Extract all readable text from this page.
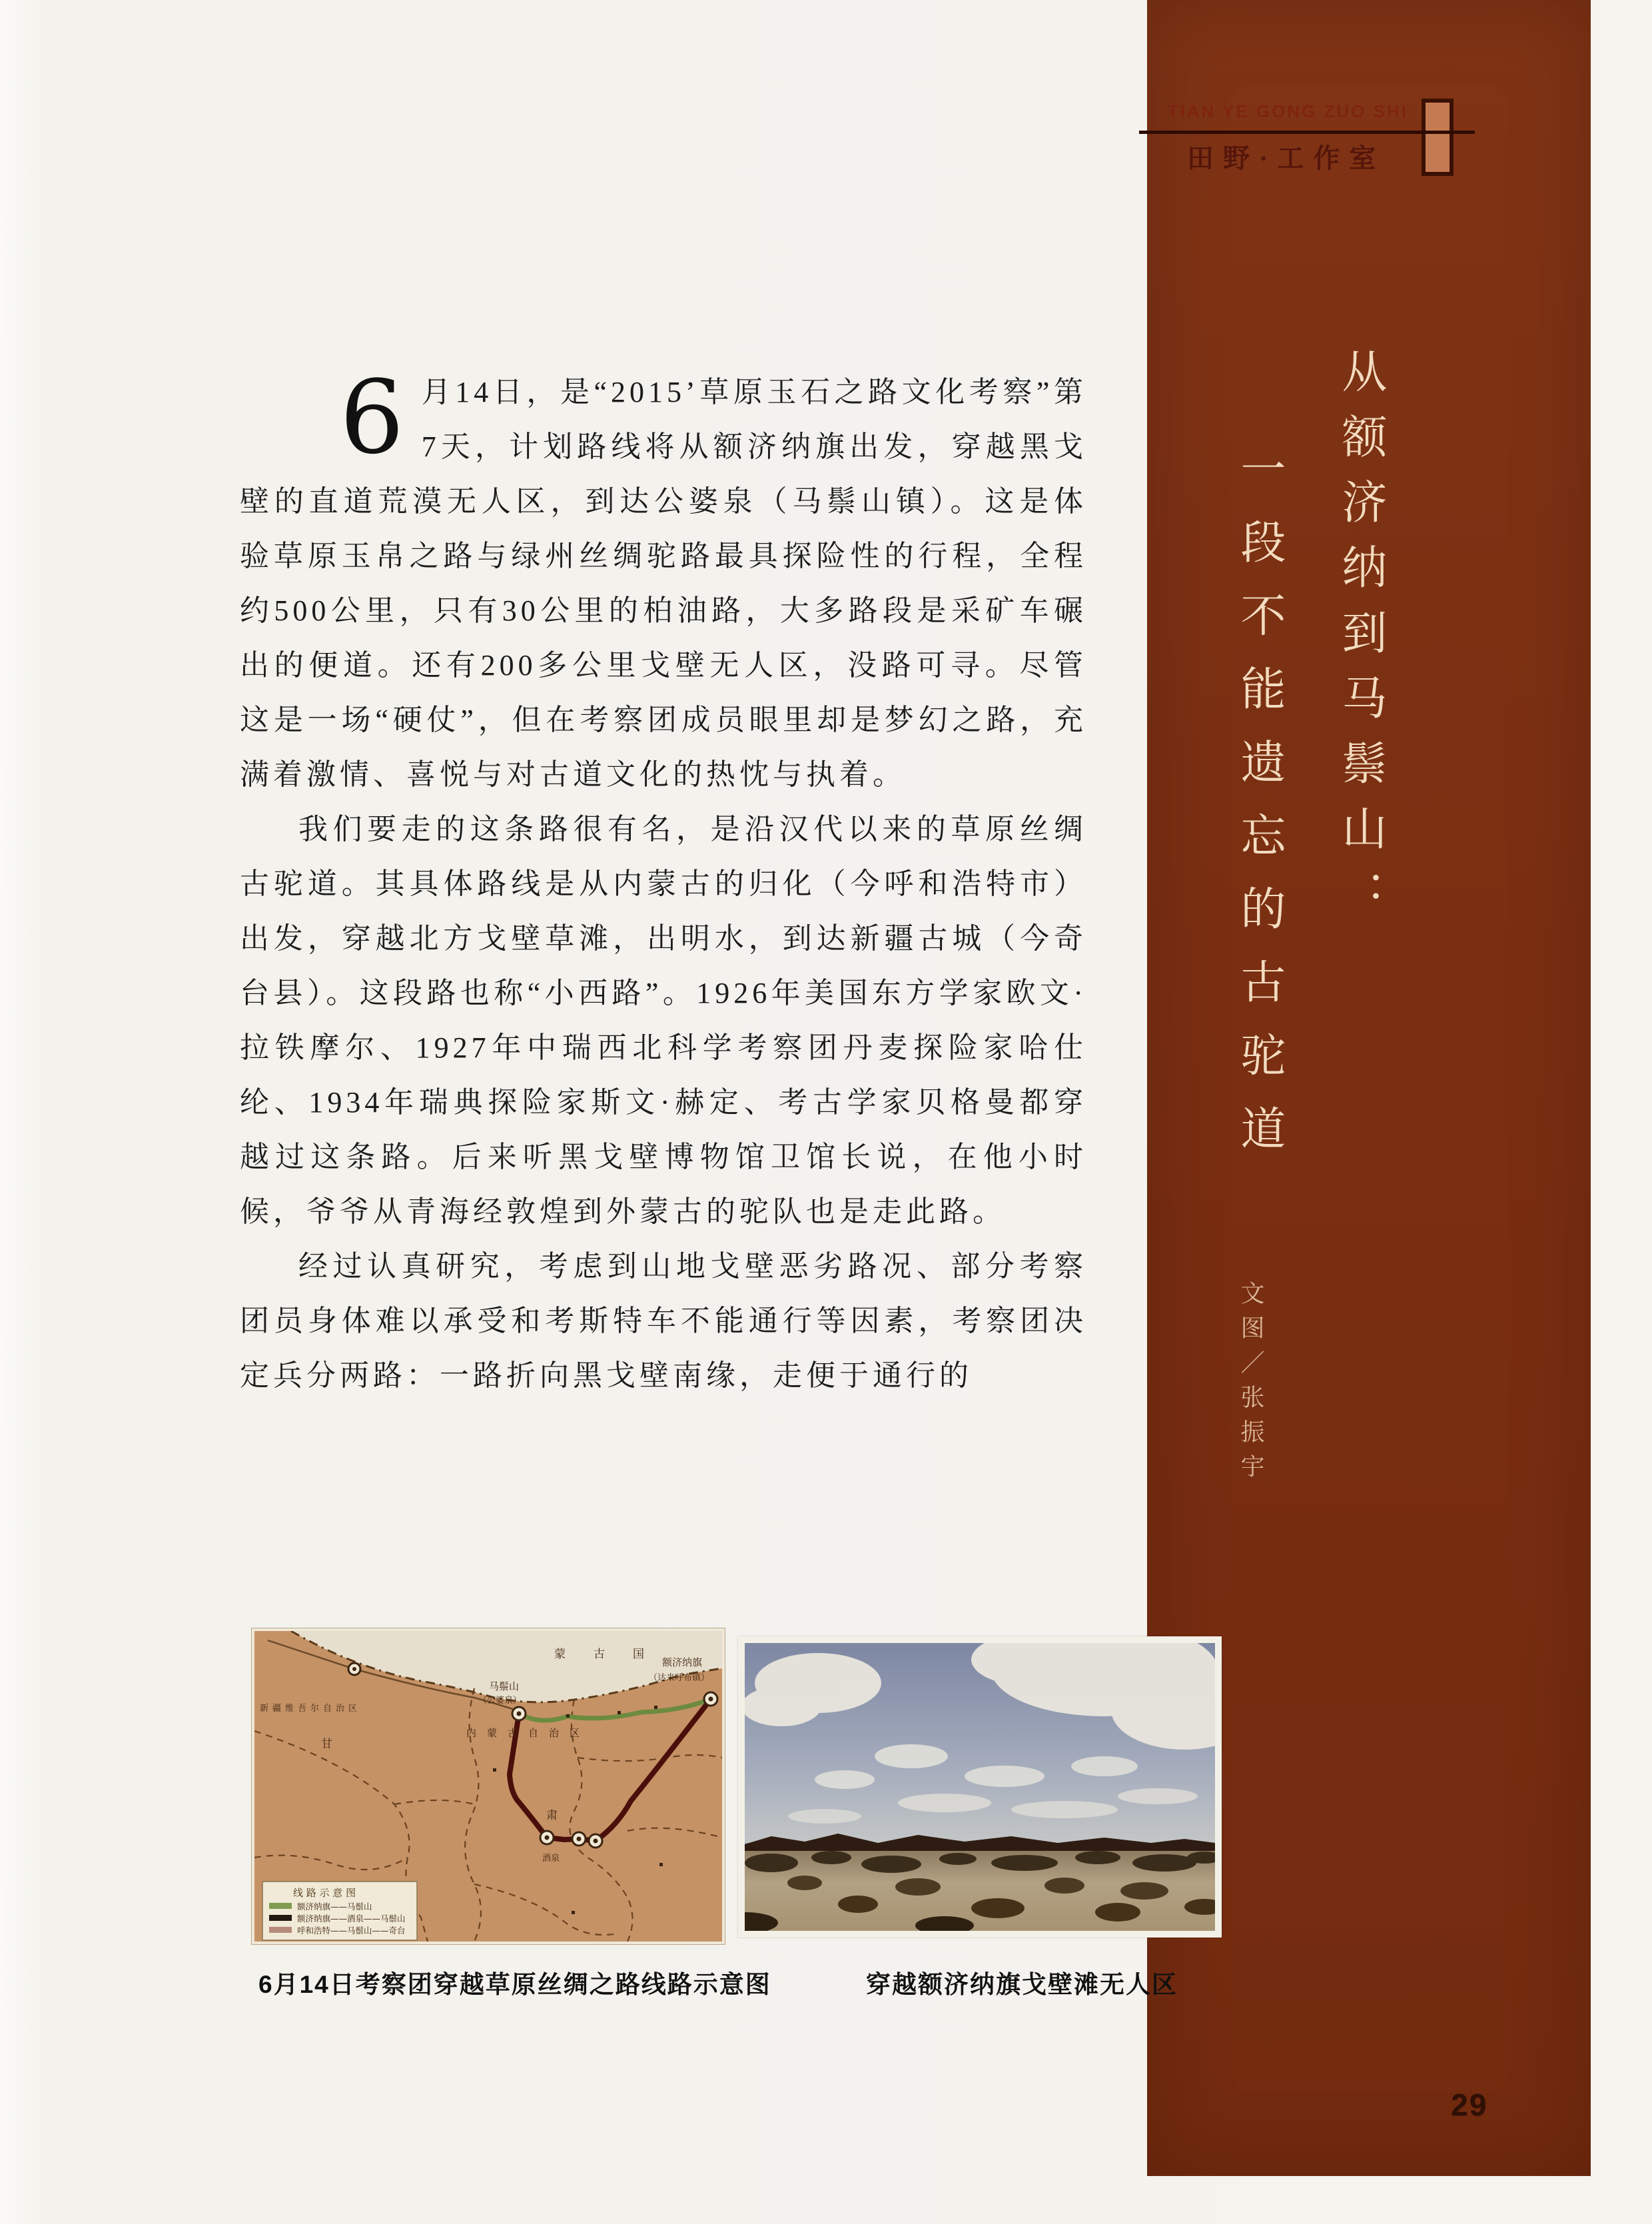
TIAN YE GONG ZUO SHI
田野·工作室
从额济纳到马鬃山：
一段不能遗忘的古驼道
文图／张振宇
29

6 月14日，是“2015’草原玉石之路文化考察”第7天，计划路线将从额济纳旗出发，穿越黑戈壁的直道荒漠无人区，到达公婆泉（马鬃山镇）。这是体验草原玉帛之路与绿州丝绸驼路最具探险性的行程，全程约500公里，只有30公里的柏油路，大多路段是采矿车碾出的便道。还有200多公里戈壁无人区，没路可寻。尽管这是一场“硬仗”，但在考察团成员眼里却是梦幻之路，充满着激情、喜悦与对古道文化的热忱与执着。

我们要走的这条路很有名，是沿汉代以来的草原丝绸古驼道。其具体路线是从内蒙古的归化（今呼和浩特市）出发，穿越北方戈壁草滩，出明水，到达新疆古城（今奇台县）。这段路也称“小西路”。1926年美国东方学家欧文·拉铁摩尔、1927年中瑞西北科学考察团丹麦探险家哈仕纶、1934年瑞典探险家斯文·赫定、考古学家贝格曼都穿越过这条路。后来听黑戈壁博物馆卫馆长说，在他小时候，爷爷从青海经敦煌到外蒙古的驼队也是走此路。

经过认真研究，考虑到山地戈壁恶劣路况、部分考察团员身体难以承受和考斯特车不能通行等因素，考察团决定兵分两路：一路折向黑戈壁南缘，走便于通行的

蒙古国
新疆维吾尔自治区
内蒙古自治区
甘
肃
酒泉
马鬃山
（公婆泉）
额济纳旗
（达来呼布镇）
线 路 示 意 图
额济纳旗——马鬃山
额济纳旗——酒泉——马鬃山
呼和浩特——马鬃山——奇台
6月14日考察团穿越草原丝绸之路线路示意图	穿越额济纳旗戈壁滩无人区
